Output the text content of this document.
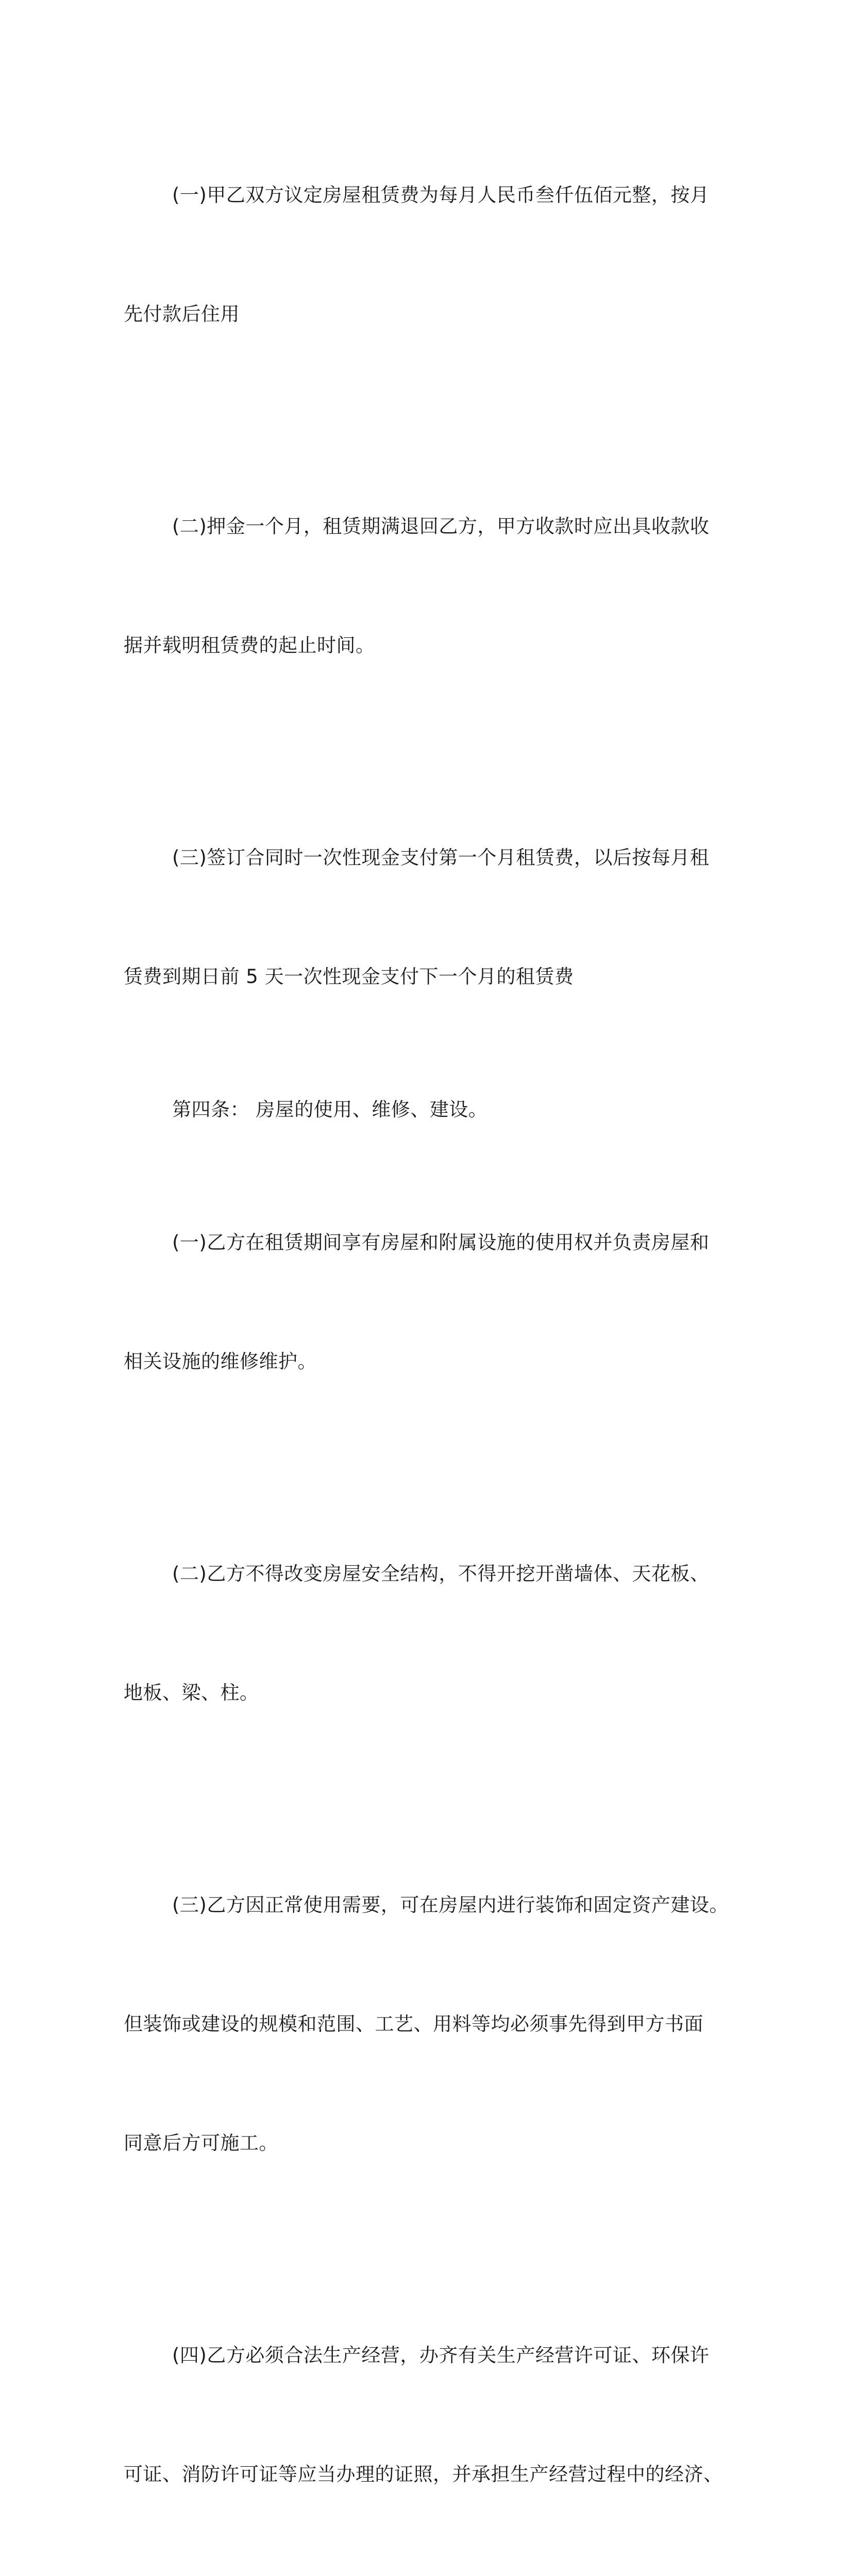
(一)甲乙双方议定房屋租赁费为每月人民币叁仟伍佰元整，按月

先付款后住用

(二)押金一个月，租赁期满退回乙方，甲方收款时应出具收款收

据并载明租赁费的起止时间。

(三)签订合同时一次性现金支付第一个月租赁费，以后按每月租

赁费到期日前 5 天一次性现金支付下一个月的租赁费

第四条： 房屋的使用、维修、建设。

(一)乙方在租赁期间享有房屋和附属设施的使用权并负责房屋和

相关设施的维修维护。

(二)乙方不得改变房屋安全结构，不得开挖开凿墙体、天花板、

地板、梁、柱。

(三)乙方因正常使用需要，可在房屋内进行装饰和固定资产建设。

但装饰或建设的规模和范围、工艺、用料等均必须事先得到甲方书面

同意后方可施工。

(四)乙方必须合法生产经营，办齐有关生产经营许可证、环保许

可证、消防许可证等应当办理的证照，并承担生产经营过程中的经济、
